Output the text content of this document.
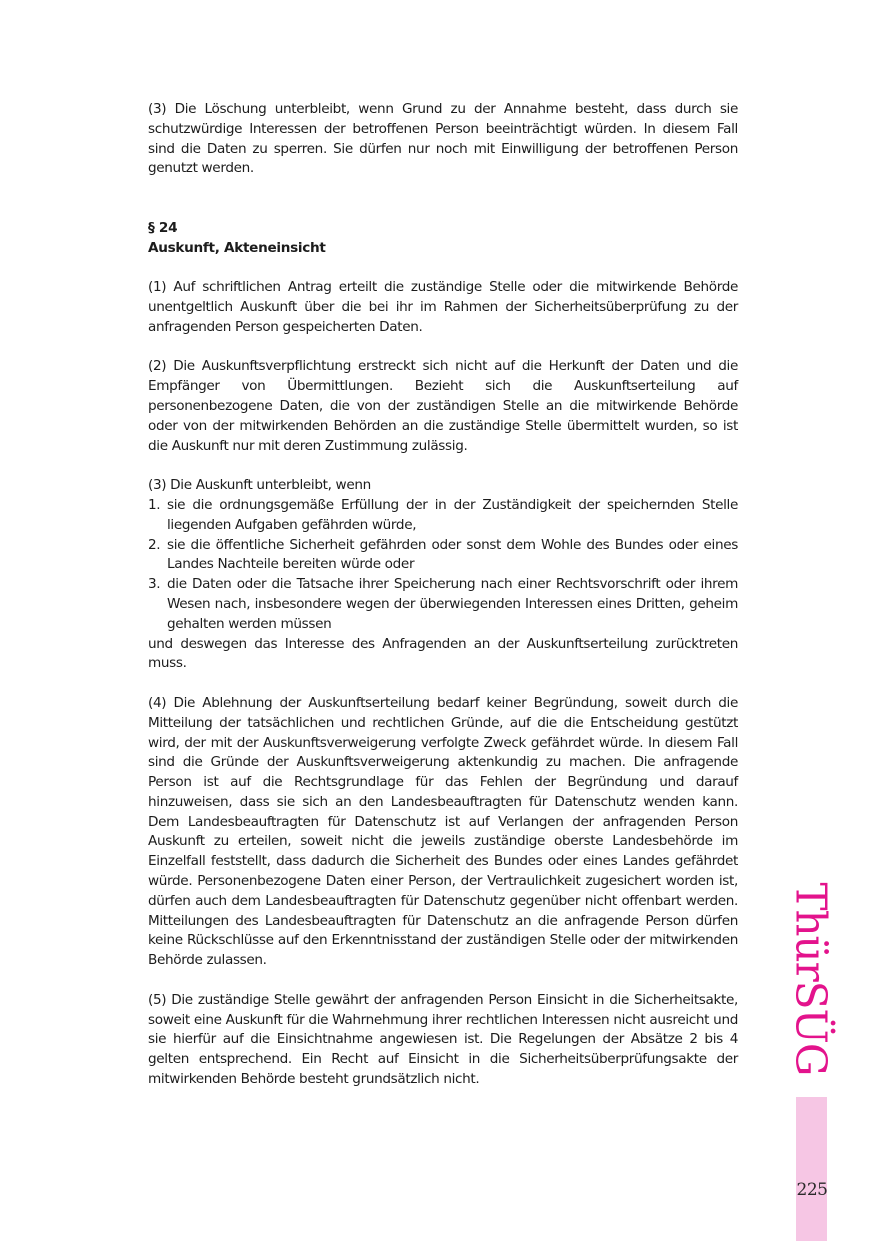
(3) Die Löschung unterbleibt, wenn Grund zu der Annahme besteht, dass durch sie schutzwürdige Interessen der betroffenen Person beeinträchtigt würden. In diesem Fall sind die Daten zu sperren. Sie dürfen nur noch mit Einwilligung der betroffenen Person genutzt werden.

§ 24
Auskunft, Akteneinsicht

(1) Auf schriftlichen Antrag erteilt die zuständige Stelle oder die mitwirkende Behörde unentgeltlich Auskunft über die bei ihr im Rahmen der Sicherheitsüberprüfung zu der anfragenden Person gespeicherten Daten.

(2) Die Auskunftsverpflichtung erstreckt sich nicht auf die Herkunft der Daten und die Empfänger von Übermittlungen. Bezieht sich die Auskunftserteilung auf personenbezogene Daten, die von der zuständigen Stelle an die mitwirkende Behörde oder von der mitwirkenden Behörden an die zuständige Stelle übermittelt wurden, so ist die Auskunft nur mit deren Zustimmung zulässig.

(3) Die Auskunft unterbleibt, wenn

1. sie die ordnungsgemäße Erfüllung der in der Zuständigkeit der speichernden Stelle liegenden Aufgaben gefährden würde,
2. sie die öffentliche Sicherheit gefährden oder sonst dem Wohle des Bundes oder eines Landes Nachteile bereiten würde oder
3. die Daten oder die Tatsache ihrer Speicherung nach einer Rechtsvorschrift oder ihrem Wesen nach, insbesondere wegen der überwiegenden Interessen eines Dritten, geheim gehalten werden müssen

und deswegen das Interesse des Anfragenden an der Auskunftserteilung zurücktreten muss.

(4) Die Ablehnung der Auskunftserteilung bedarf keiner Begründung, soweit durch die Mitteilung der tatsächlichen und rechtlichen Gründe, auf die die Entscheidung gestützt wird, der mit der Auskunftsverweigerung verfolgte Zweck gefährdet würde. In diesem Fall sind die Gründe der Auskunftsverweigerung aktenkundig zu machen. Die anfragende Person ist auf die Rechtsgrundlage für das Fehlen der Begründung und darauf hinzuweisen, dass sie sich an den Landesbeauftragten für Datenschutz wenden kann. Dem Landesbeauftragten für Datenschutz ist auf Verlangen der anfragenden Person Auskunft zu erteilen, soweit nicht die jeweils zuständige oberste Landesbehörde im Einzelfall feststellt, dass dadurch die Sicherheit des Bundes oder eines Landes gefährdet würde. Personenbezogene Daten einer Person, der Vertraulichkeit zugesichert worden ist, dürfen auch dem Landesbeauftragten für Datenschutz gegenüber nicht offenbart werden. Mitteilungen des Landesbeauftragten für Datenschutz an die anfragende Person dürfen keine Rückschlüsse auf den Erkenntnisstand der zuständigen Stelle oder der mitwirkenden Behörde zulassen.

(5) Die zuständige Stelle gewährt der anfragenden Person Einsicht in die Sicherheitsakte, soweit eine Auskunft für die Wahrnehmung ihrer rechtlichen Interessen nicht ausreicht und sie hierfür auf die Einsichtnahme angewiesen ist. Die Regelungen der Absätze 2 bis 4 gelten entsprechend. Ein Recht auf Einsicht in die Sicherheitsüberprüfungsakte der mitwirkenden Behörde besteht grundsätzlich nicht.

ThürSÜG
225
